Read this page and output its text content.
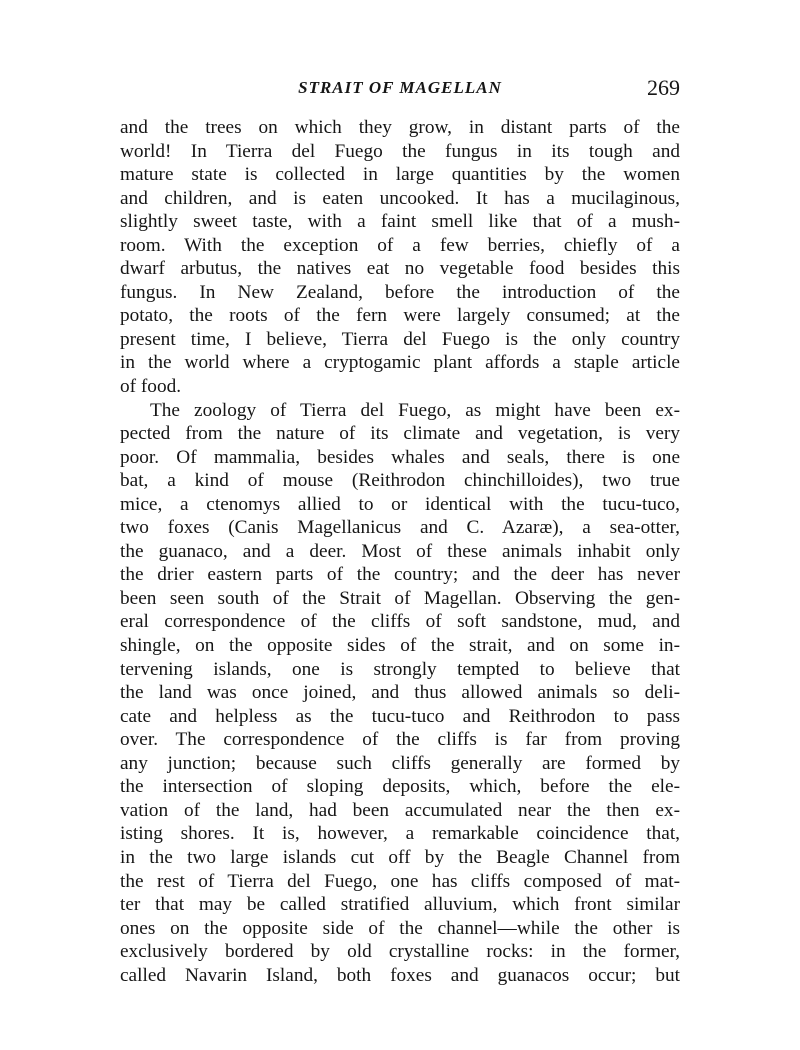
STRAIT OF MAGELLAN	269
and the trees on which they grow, in distant parts of the
world! In Tierra del Fuego the fungus in its tough and
mature state is collected in large quantities by the women
and children, and is eaten uncooked. It has a mucilaginous,
slightly sweet taste, with a faint smell like that of a mush-
room. With the exception of a few berries, chiefly of a
dwarf arbutus, the natives eat no vegetable food besides this
fungus. In New Zealand, before the introduction of the
potato, the roots of the fern were largely consumed; at the
present time, I believe, Tierra del Fuego is the only country
in the world where a cryptogamic plant affords a staple article
of food.
The zoology of Tierra del Fuego, as might have been ex-
pected from the nature of its climate and vegetation, is very
poor. Of mammalia, besides whales and seals, there is one
bat, a kind of mouse (Reithrodon chinchilloides), two true
mice, a ctenomys allied to or identical with the tucu-tuco,
two foxes (Canis Magellanicus and C. Azaræ), a sea-otter,
the guanaco, and a deer. Most of these animals inhabit only
the drier eastern parts of the country; and the deer has never
been seen south of the Strait of Magellan. Observing the gen-
eral correspondence of the cliffs of soft sandstone, mud, and
shingle, on the opposite sides of the strait, and on some in-
tervening islands, one is strongly tempted to believe that
the land was once joined, and thus allowed animals so deli-
cate and helpless as the tucu-tuco and Reithrodon to pass
over. The correspondence of the cliffs is far from proving
any junction; because such cliffs generally are formed by
the intersection of sloping deposits, which, before the ele-
vation of the land, had been accumulated near the then ex-
isting shores. It is, however, a remarkable coincidence that,
in the two large islands cut off by the Beagle Channel from
the rest of Tierra del Fuego, one has cliffs composed of mat-
ter that may be called stratified alluvium, which front similar
ones on the opposite side of the channel—while the other is
exclusively bordered by old crystalline rocks: in the former,
called Navarin Island, both foxes and guanacos occur; but
